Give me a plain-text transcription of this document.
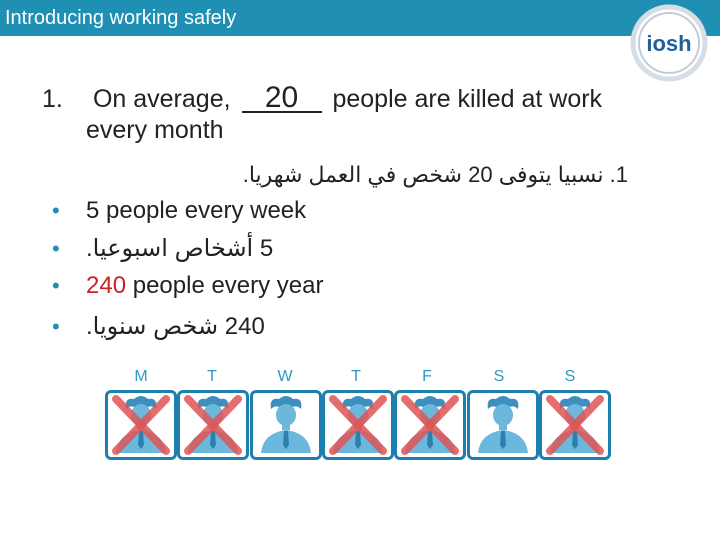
Introducing working safely
iosh
1. On average, 20 people are killed at work
every month
1. نسبيا يتوفى 20 شخص في العمل شهريا.
• 5 people every week
• 5 أشخاص اسبوعيا.
• 240 people every year
• 240 شخص سنويا.
M	T	W	T	F	S	S
